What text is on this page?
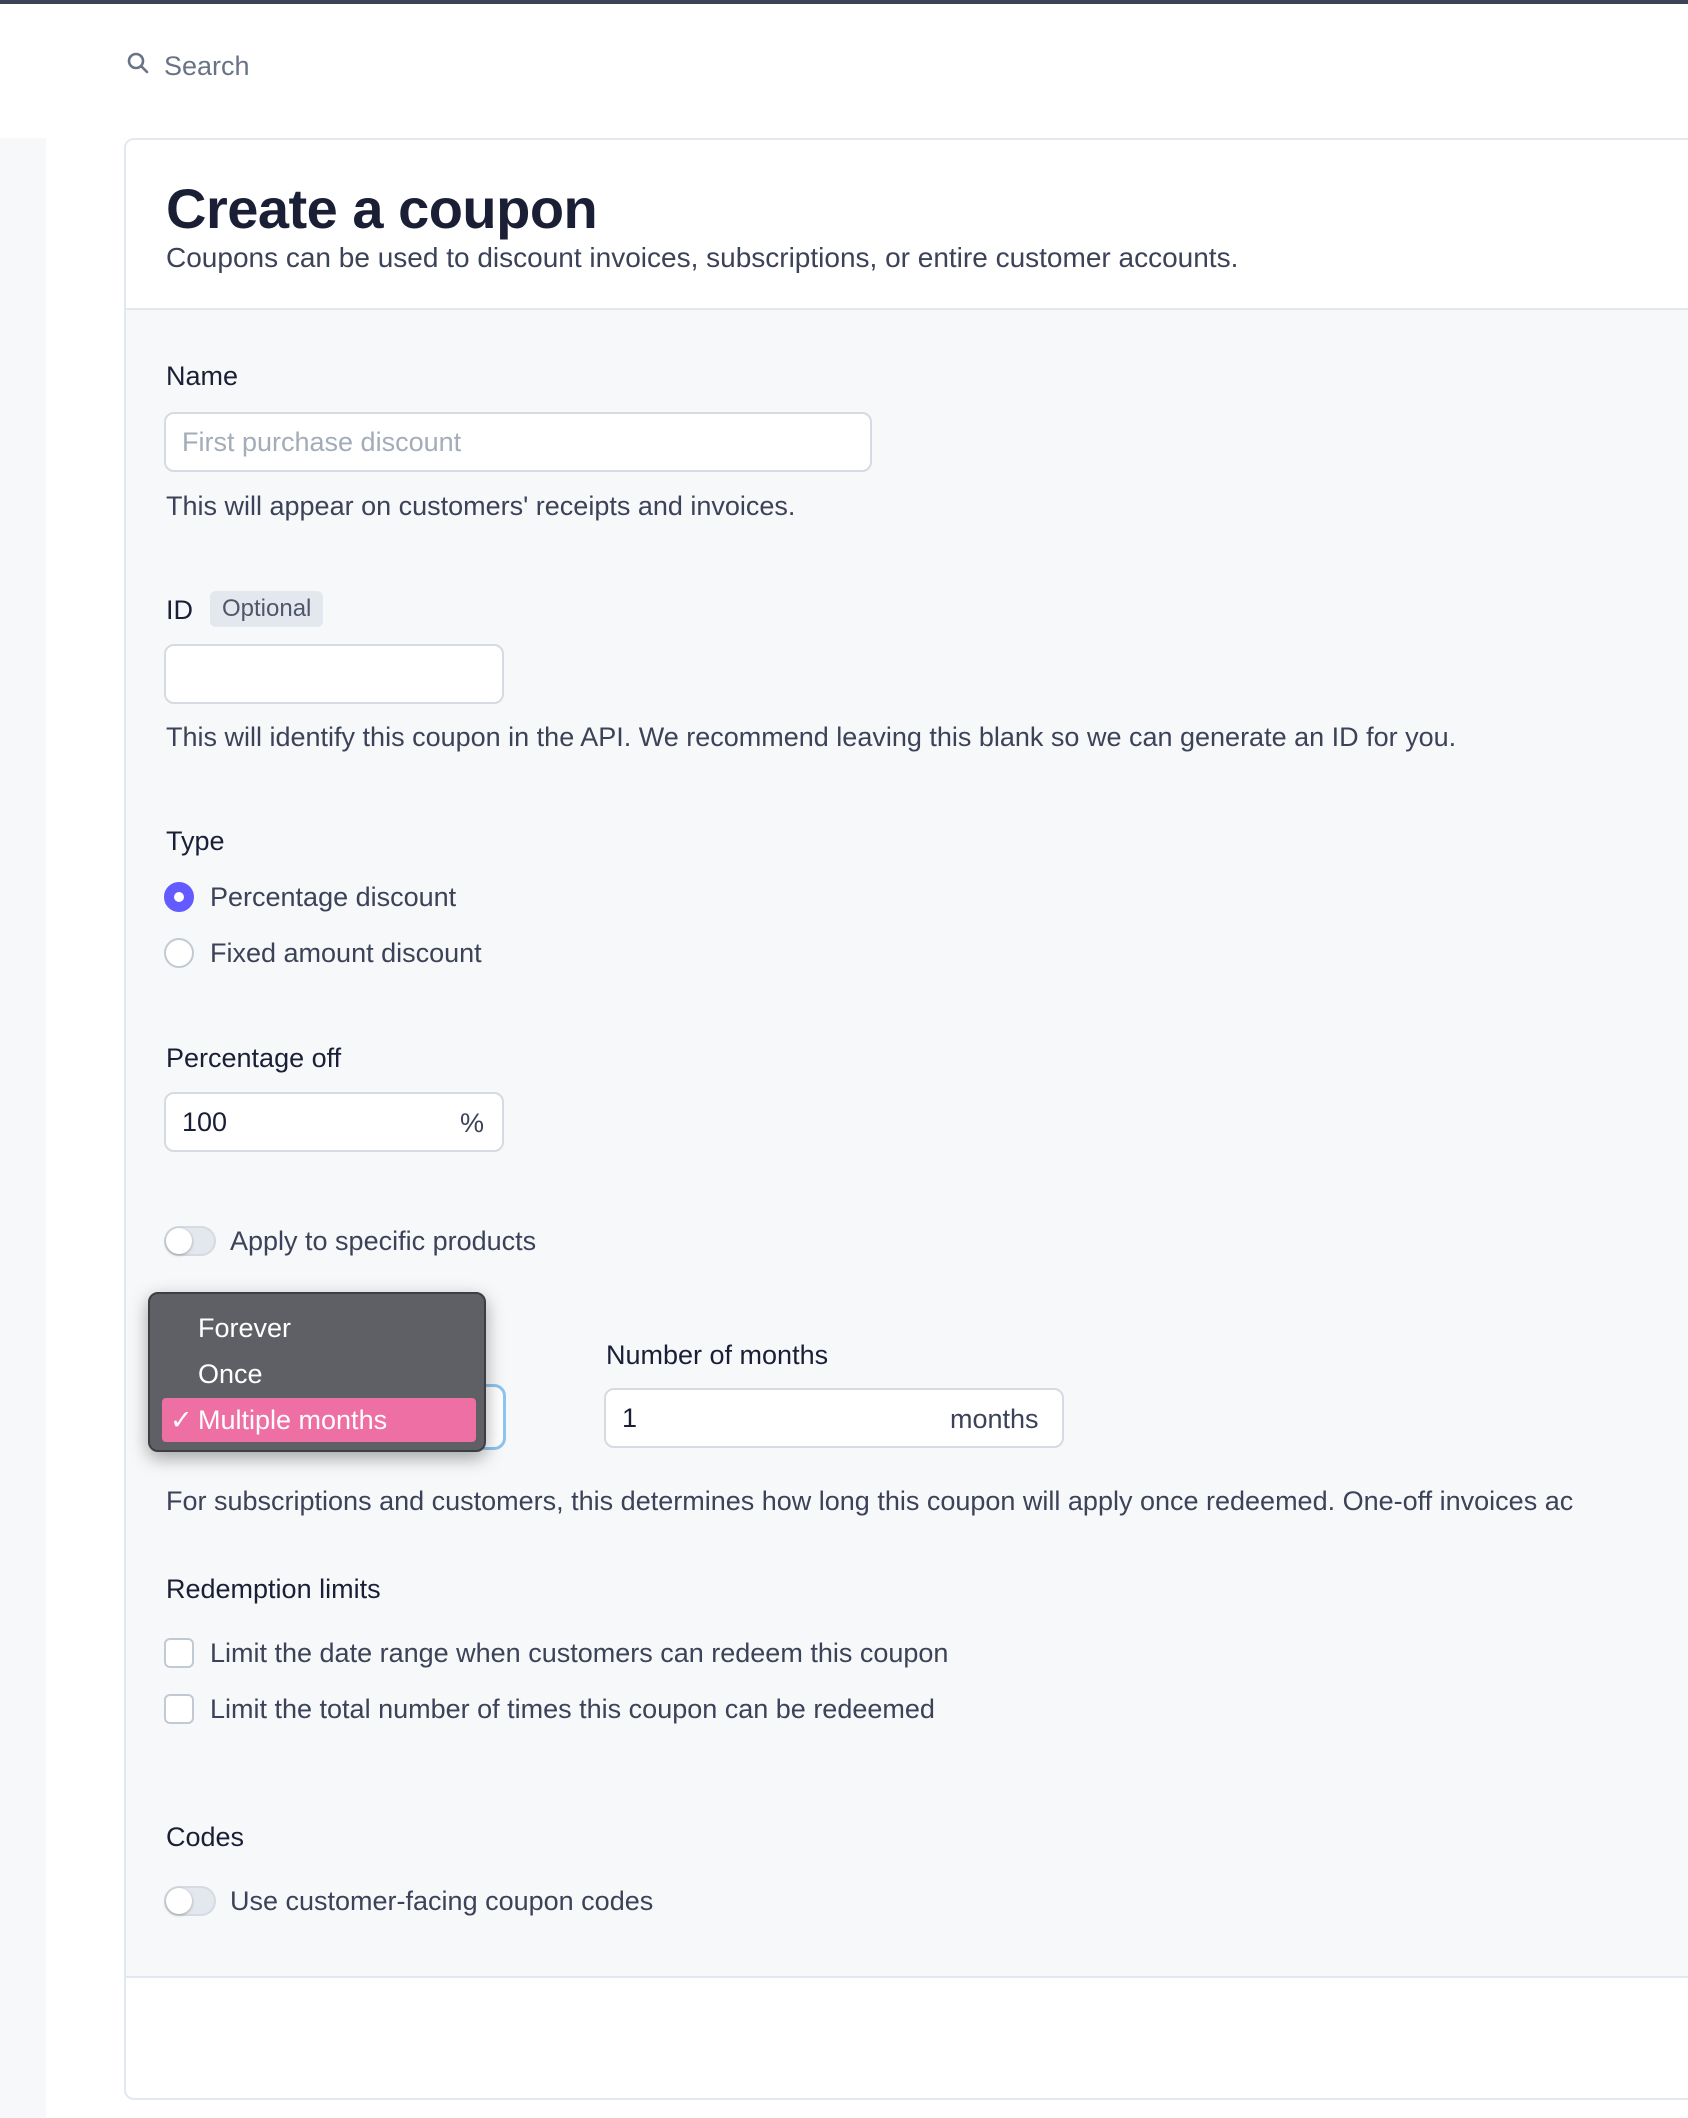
Search
Create a coupon

Coupons can be used to discount invoices, subscriptions, or entire customer accounts.

Name
First purchase discount
This will appear on customers' receipts and invoices.
ID	Optional
This will identify this coupon in the API. We recommend leaving this blank so we can generate an ID for you.
Type
Percentage discount
Fixed amount discount
Percentage off
100
%
Apply to specific products
Number of months
1
months
For subscriptions and customers, this determines how long this coupon will apply once redeemed. One-off invoices ac
Redemption limits
Limit the date range when customers can redeem this coupon
Limit the total number of times this coupon can be redeemed
Codes
Use customer-facing coupon codes
Forever
Once
✓ Multiple months
